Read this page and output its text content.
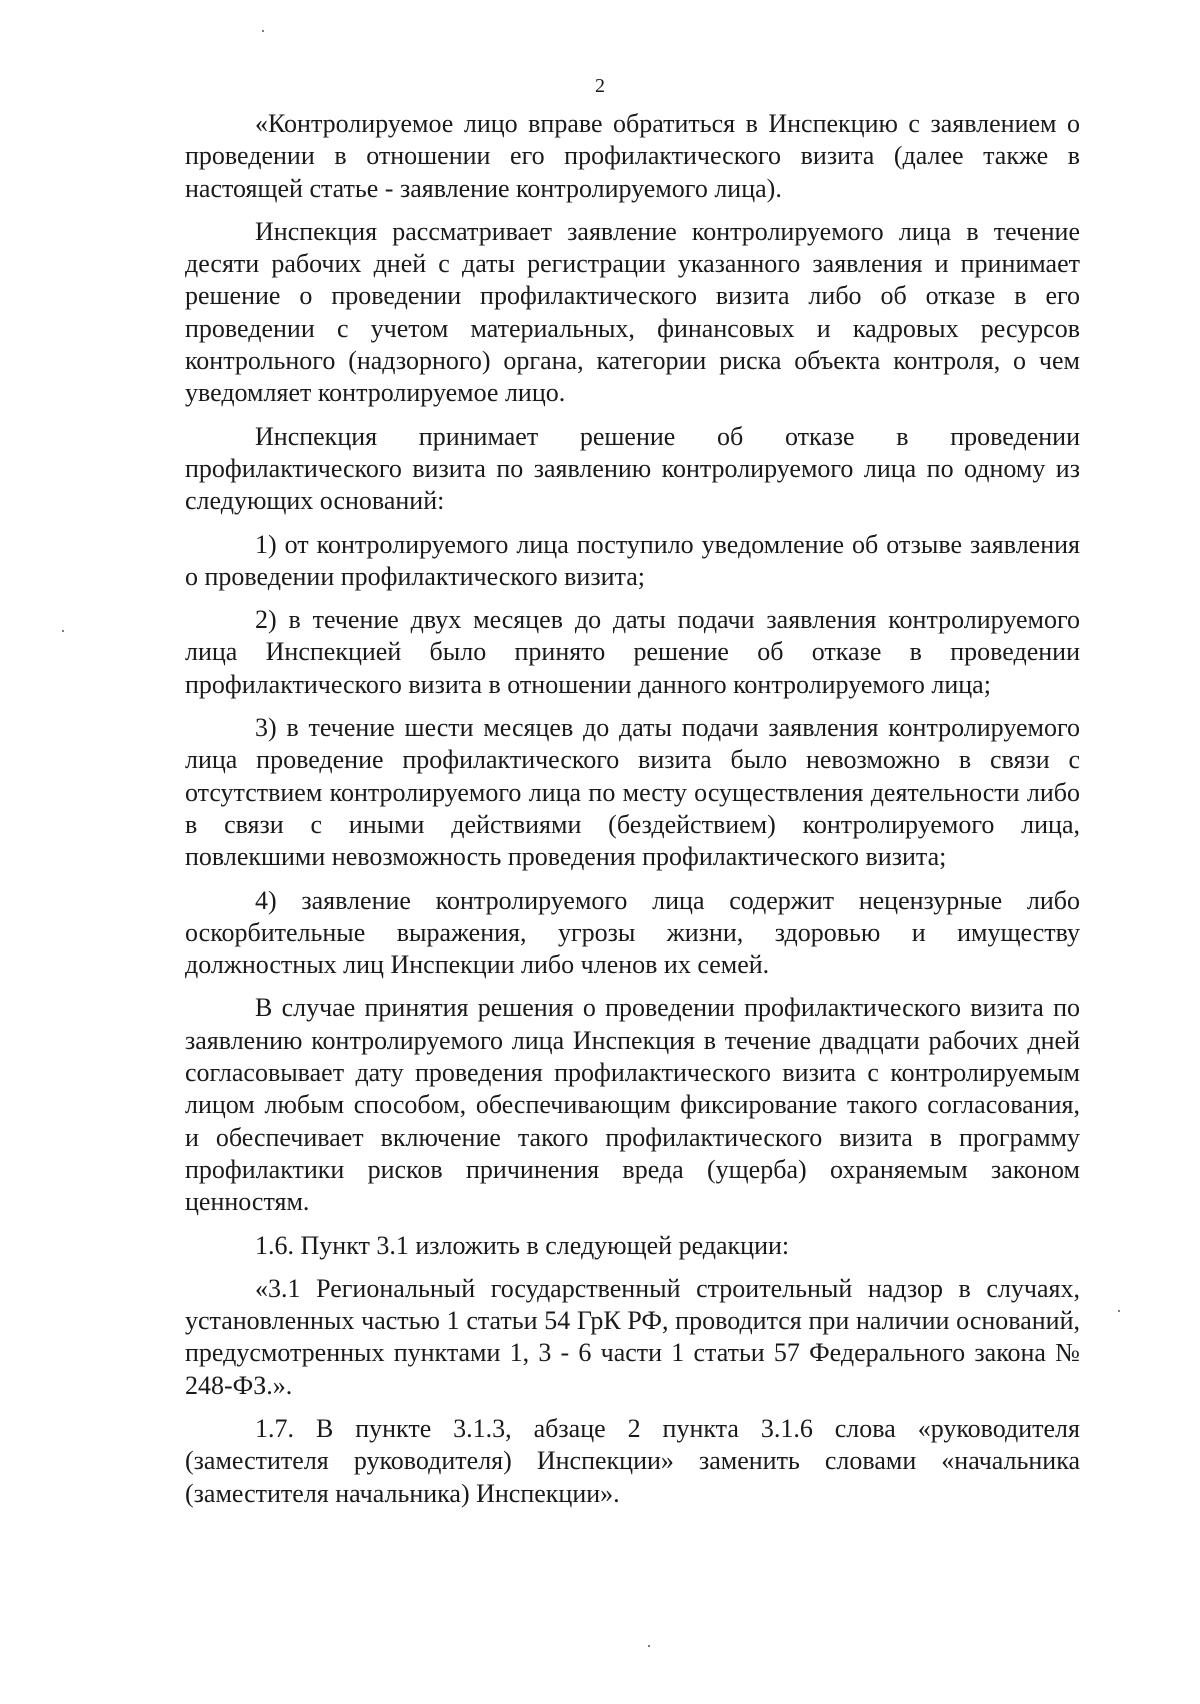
2

«Контролируемое лицо вправе обратиться в Инспекцию с заявлением о проведении в отношении его профилактического визита (далее также в настоящей статье - заявление контролируемого лица).

Инспекция рассматривает заявление контролируемого лица в течение десяти рабочих дней с даты регистрации указанного заявления и принимает решение о проведении профилактического визита либо об отказе в его проведении с учетом материальных, финансовых и кадровых ресурсов контрольного (надзорного) органа, категории риска объекта контроля, о чем уведомляет контролируемое лицо.

Инспекция принимает решение об отказе в проведении профилактического визита по заявлению контролируемого лица по одному из следующих оснований:

1) от контролируемого лица поступило уведомление об отзыве заявления о проведении профилактического визита;

2) в течение двух месяцев до даты подачи заявления контролируемого лица Инспекцией было принято решение об отказе в проведении профилактического визита в отношении данного контролируемого лица;

3) в течение шести месяцев до даты подачи заявления контролируемого лица проведение профилактического визита было невозможно в связи с отсутствием контролируемого лица по месту осуществления деятельности либо в связи с иными действиями (бездействием) контролируемого лица, повлекшими невозможность проведения профилактического визита;

4) заявление контролируемого лица содержит нецензурные либо оскорбительные выражения, угрозы жизни, здоровью и имуществу должностных лиц Инспекции либо членов их семей.

В случае принятия решения о проведении профилактического визита по заявлению контролируемого лица Инспекция в течение двадцати рабочих дней согласовывает дату проведения профилактического визита с контролируемым лицом любым способом, обеспечивающим фиксирование такого согласования, и обеспечивает включение такого профилактического визита в программу профилактики рисков причинения вреда (ущерба) охраняемым законом ценностям.

1.6. Пункт 3.1 изложить в следующей редакции:

«3.1 Региональный государственный строительный надзор в случаях, установленных частью 1 статьи 54 ГрК РФ, проводится при наличии оснований, предусмотренных пунктами 1, 3 - 6 части 1 статьи 57 Федерального закона № 248-ФЗ.».

1.7. В пункте 3.1.3, абзаце 2 пункта 3.1.6 слова «руководителя (заместителя руководителя) Инспекции» заменить словами «начальника (заместителя начальника) Инспекции».
